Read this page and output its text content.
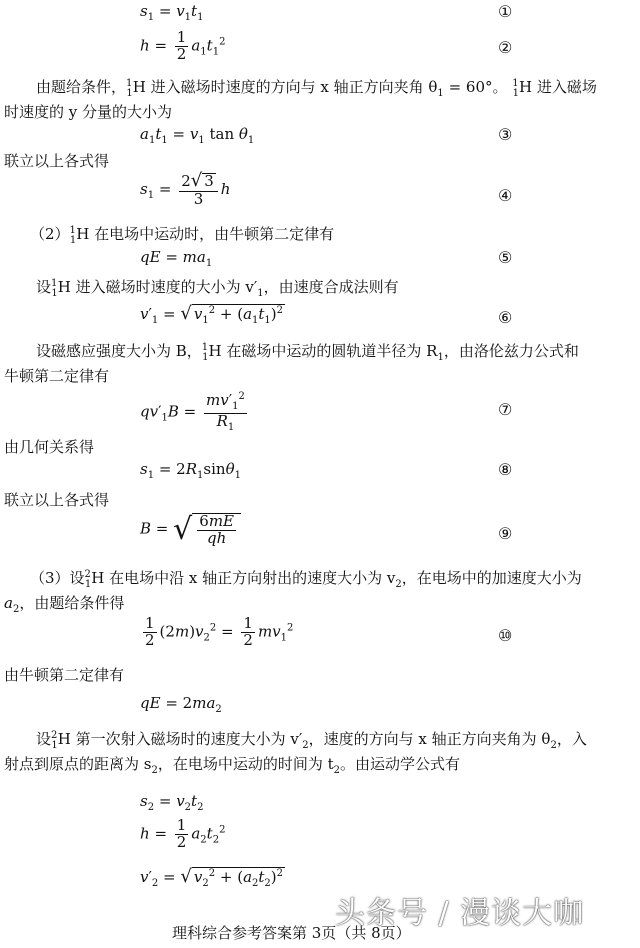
$s_1 = v_1t_1$	①
$h = \frac{1}{2} a_1t_1^2$	②
由题给条件，$^1_1$H 进入磁场时速度的方向与 x 轴正方向夹角 $\theta_1 = 60^\circ$。 $^1_1$H 进入磁场
时速度的 y 分量的大小为
$a_1t_1 = v_1$ $\tan \theta_1$	③
联立以上各式得
$s_1 = \frac{2√ 3}{3}$ h	④
$(2)^1_1H$ 在电场中运动时，由牛顿第二定律有
qE = $ma_1$	⑤
设$^1_1$H 进入磁场时速度的大小为 $v'_1$，由速度合成法则有
$v'_1$ = √ $v_1^2 + (a_1t_1)^2$	⑥
设磁感应强度大小为 B，$^1_1$H 在磁场中运动的圆轨道半径为 $R_1$，由洛伦兹力公式和
牛顿第二定律有
$qv'_1B = \frac{mv'_1^2}{R_1}$	⑦
由几何关系得
$s_1 = 2R_1\sin\theta_1$	⑧
联立以上各式得
B = √ $\frac{6mE}{qh}$	⑨
（3）设$^2_1$H 在电场中沿 x 轴正方向射出的速度大小为 $v_2$，在电场中的加速度大小为
$a_2$，由题给条件得
$\frac{1}{2} (2m)v_2^2 = \frac{1}{2} mv_1^2$	⑩
由牛顿第二定律有
qE = $2ma_2$
设$^2_1$H 第一次射入磁场时的速度大小为 $v'_2$，速度的方向与 x 轴正方向夹角为 $\theta_2$，入
射点到原点的距离为 $s_2$，在电场中运动的时间为 $t_2$。由运动学公式有
$s_2 = v_2t_2$
$h = \frac{1}{2} a_2t_2^2$
$v'_2$ = √ $v_2^2 + (a_2t_2)^2$
理科综合参考答案第 3页（共 8页）
头条号 / 漫谈大咖
